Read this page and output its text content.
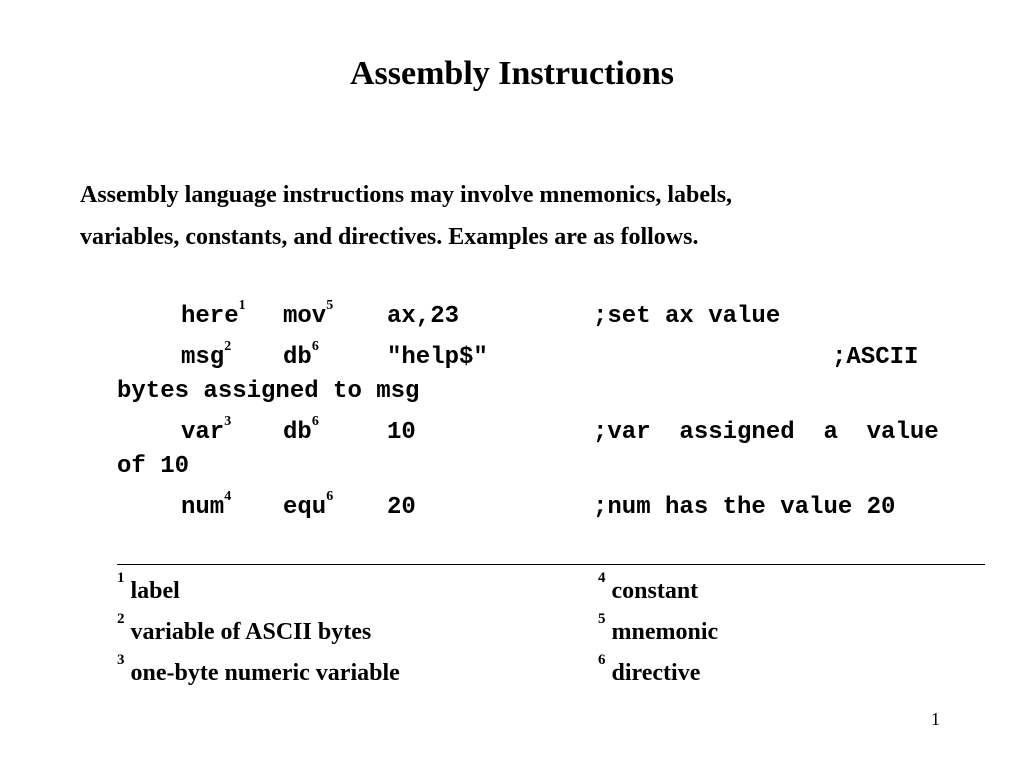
Assembly Instructions
Assembly language instructions may involve mnemonics, labels,
variables, constants, and directives. Examples are as follows.
here$^1$ mov$^5$ ax,23	;set ax value
msg$^2$ $db^6$	"help$"	;ASCII
bytes assigned to msg
var$^3$ $db^6$	10	;var  assigned  a  value
of 10
num$^4$ equ$^6$ 20	;num has the value 20
$^1$ label
$^2$ variable of ASCII bytes
$^3$ one-byte numeric variable
$^4$ constant
$^5$ mnemonic
$^6$ directive
1
